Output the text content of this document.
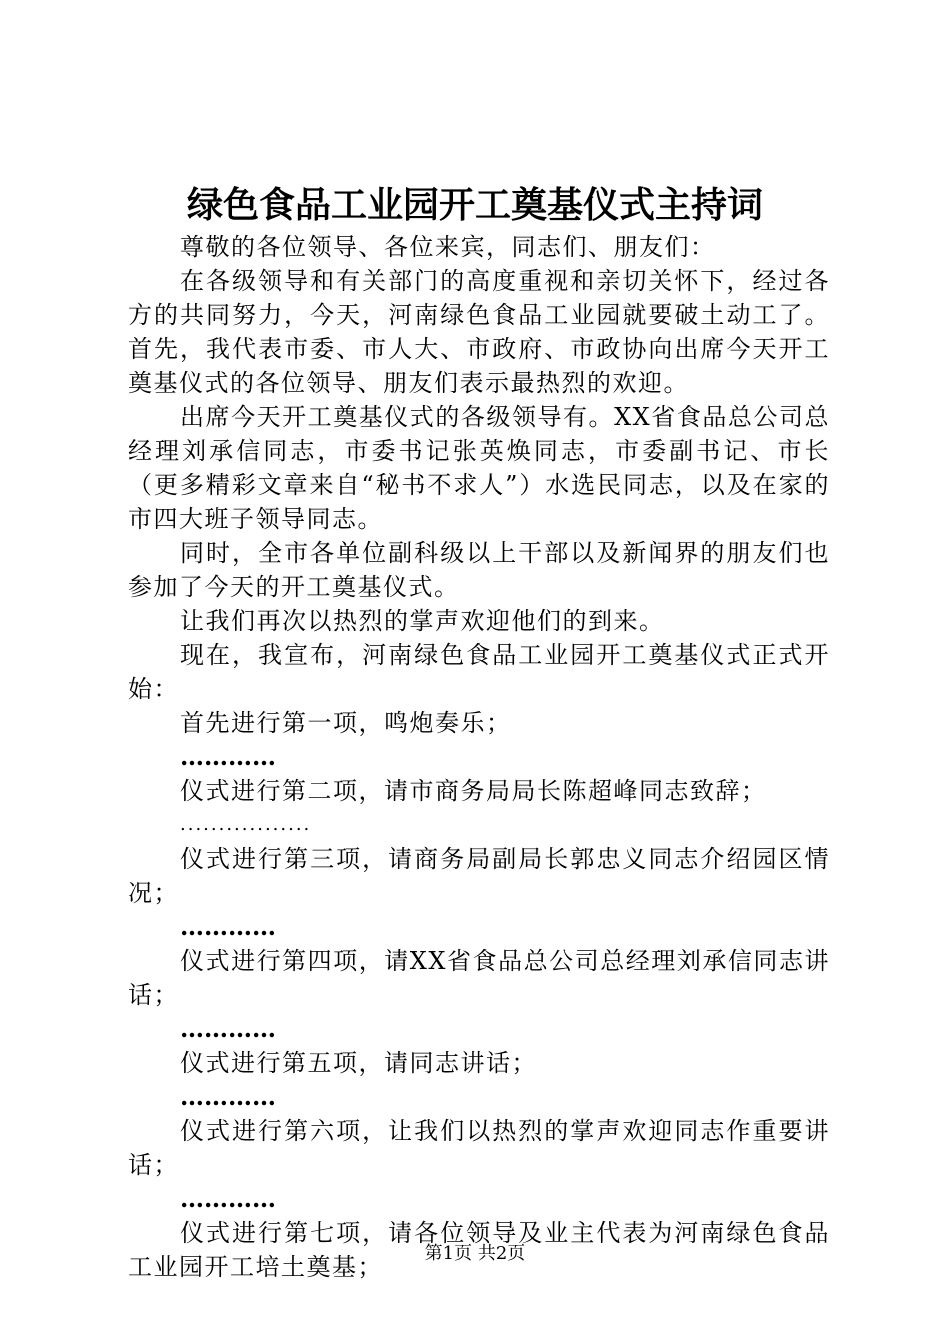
绿色食品工业园开工奠基仪式主持词

尊敬的各位领导、各位来宾，同志们、朋友们：

在各级领导和有关部门的高度重视和亲切关怀下，经过各方的共同努力，今天，河南绿色食品工业园就要破土动工了。首先，我代表市委、市人大、市政府、市政协向出席今天开工奠基仪式的各位领导、朋友们表示最热烈的欢迎。

出席今天开工奠基仪式的各级领导有。XX省食品总公司总经理刘承信同志，市委书记张英焕同志，市委副书记、市长（更多精彩文章来自“秘书不求人”）水选民同志，以及在家的市四大班子领导同志。

同时，全市各单位副科级以上干部以及新闻界的朋友们也参加了今天的开工奠基仪式。

让我们再次以热烈的掌声欢迎他们的到来。

现在，我宣布，河南绿色食品工业园开工奠基仪式正式开始：

首先进行第一项，鸣炮奏乐；

…………

仪式进行第二项，请市商务局局长陈超峰同志致辞；

.................

仪式进行第三项，请商务局副局长郭忠义同志介绍园区情况；

…………

仪式进行第四项，请XX省食品总公司总经理刘承信同志讲话；

…………

仪式进行第五项，请同志讲话；

…………

仪式进行第六项，让我们以热烈的掌声欢迎同志作重要讲话；

…………

仪式进行第七项，请各位领导及业主代表为河南绿色食品工业园开工培土奠基；	第1页 共2页
